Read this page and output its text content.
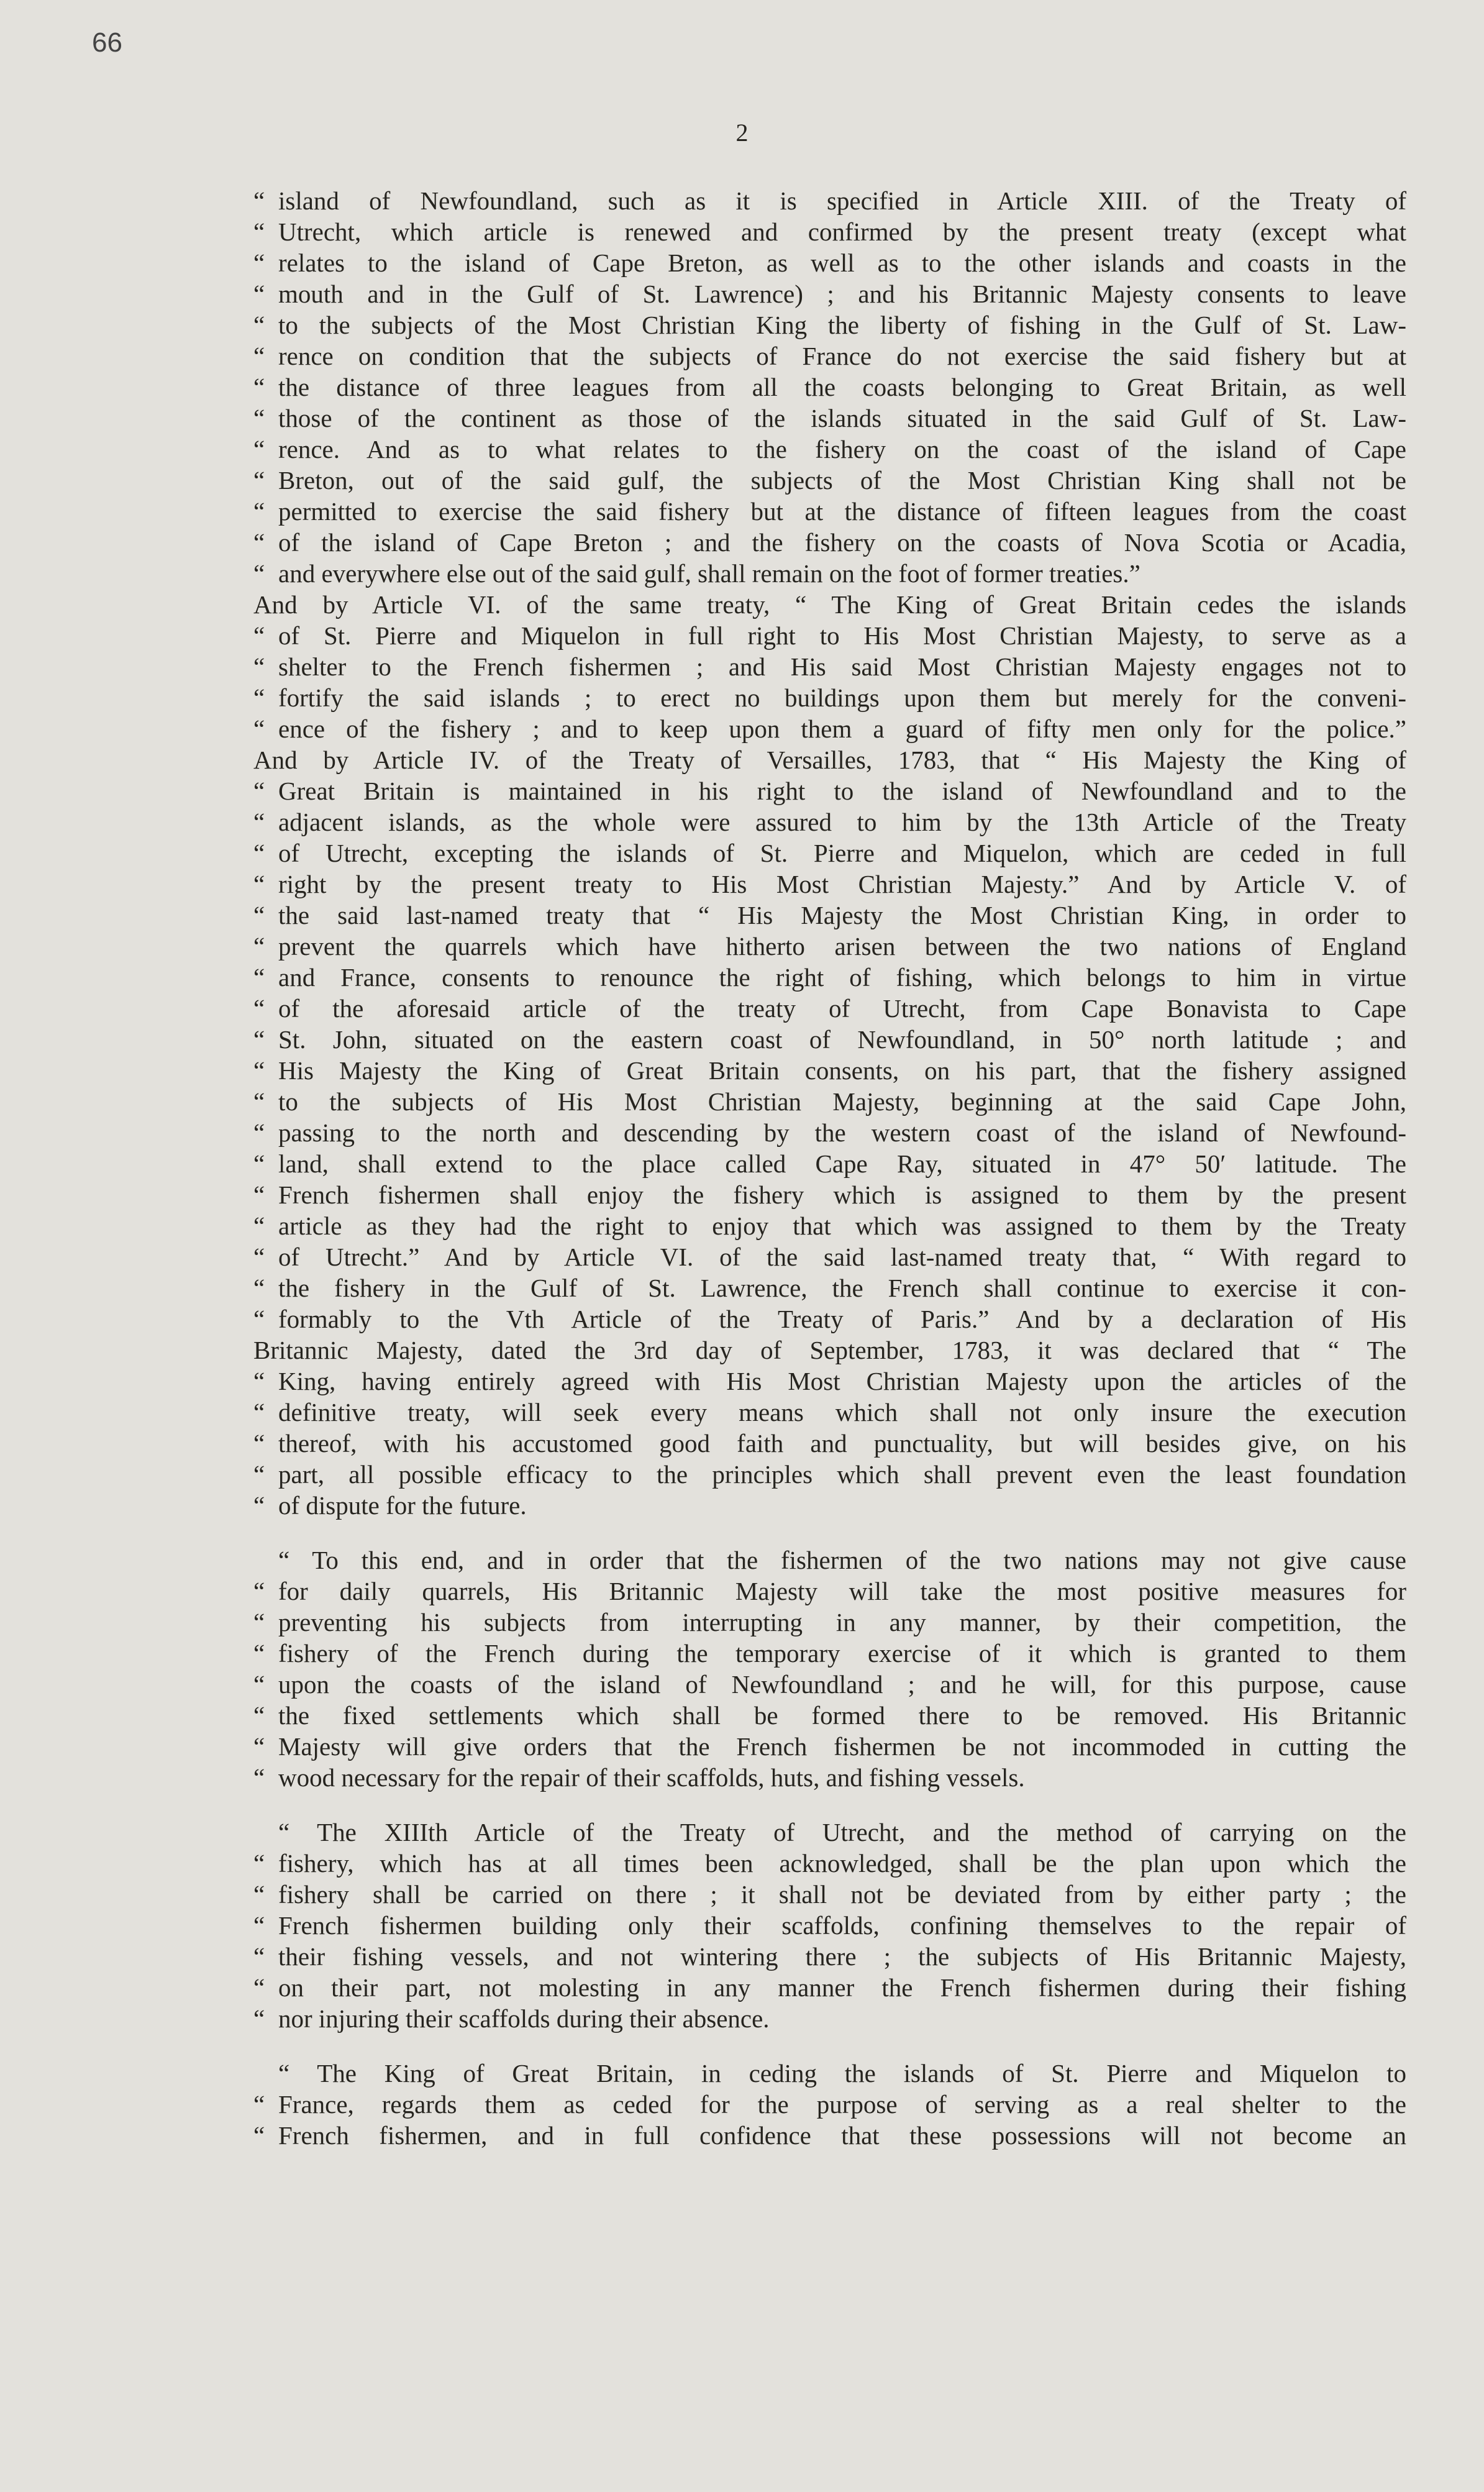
66
2
“ island of Newfoundland, such as it is specified in Article XIII. of the Treaty of
“ Utrecht, which article is renewed and confirmed by the present treaty (except what
“ relates to the island of Cape Breton, as well as to the other islands and coasts in the
“ mouth and in the Gulf of St. Lawrence) ; and his Britannic Majesty consents to leave
“ to the subjects of the Most Christian King the liberty of fishing in the Gulf of St. Law-
“ rence on condition that the subjects of France do not exercise the said fishery but at
“ the distance of three leagues from all the coasts belonging to Great Britain, as well
“ those of the continent as those of the islands situated in the said Gulf of St. Law-
“ rence. And as to what relates to the fishery on the coast of the island of Cape
“ Breton, out of the said gulf, the subjects of the Most Christian King shall not be
“ permitted to exercise the said fishery but at the distance of fifteen leagues from the coast
“ of the island of Cape Breton ; and the fishery on the coasts of Nova Scotia or Acadia,
“ and everywhere else out of the said gulf, shall remain on the foot of former treaties.”
And by Article VI. of the same treaty, “ The King of Great Britain cedes the islands
“ of St. Pierre and Miquelon in full right to His Most Christian Majesty, to serve as a
“ shelter to the French fishermen ; and His said Most Christian Majesty engages not to
“ fortify the said islands ; to erect no buildings upon them but merely for the conveni-
“ ence of the fishery ; and to keep upon them a guard of fifty men only for the police.”
And by Article IV. of the Treaty of Versailles, 1783, that “ His Majesty the King of
“ Great Britain is maintained in his right to the island of Newfoundland and to the
“ adjacent islands, as the whole were assured to him by the 13th Article of the Treaty
“ of Utrecht, excepting the islands of St. Pierre and Miquelon, which are ceded in full
“ right by the present treaty to His Most Christian Majesty.” And by Article V. of
“ the said last-named treaty that “ His Majesty the Most Christian King, in order to
“ prevent the quarrels which have hitherto arisen between the two nations of England
“ and France, consents to renounce the right of fishing, which belongs to him in virtue
“ of the aforesaid article of the treaty of Utrecht, from Cape Bonavista to Cape
“ St. John, situated on the eastern coast of Newfoundland, in 50° north latitude ; and
“ His Majesty the King of Great Britain consents, on his part, that the fishery assigned
“ to the subjects of His Most Christian Majesty, beginning at the said Cape John,
“ passing to the north and descending by the western coast of the island of Newfound-
“ land, shall extend to the place called Cape Ray, situated in 47° 50′ latitude. The
“ French fishermen shall enjoy the fishery which is assigned to them by the present
“ article as they had the right to enjoy that which was assigned to them by the Treaty
“ of Utrecht.” And by Article VI. of the said last-named treaty that, “ With regard to
“ the fishery in the Gulf of St. Lawrence, the French shall continue to exercise it con-
“ formably to the Vth Article of the Treaty of Paris.” And by a declaration of His
Britannic Majesty, dated the 3rd day of September, 1783, it was declared that “ The
“ King, having entirely agreed with His Most Christian Majesty upon the articles of the
“ definitive treaty, will seek every means which shall not only insure the execution
“ thereof, with his accustomed good faith and punctuality, but will besides give, on his
“ part, all possible efficacy to the principles which shall prevent even the least foundation
“ of dispute for the future.
“ To this end, and in order that the fishermen of the two nations may not give cause
“ for daily quarrels, His Britannic Majesty will take the most positive measures for
“ preventing his subjects from interrupting in any manner, by their competition, the
“ fishery of the French during the temporary exercise of it which is granted to them
“ upon the coasts of the island of Newfoundland ; and he will, for this purpose, cause
“ the fixed settlements which shall be formed there to be removed. His Britannic
“ Majesty will give orders that the French fishermen be not incommoded in cutting the
“ wood necessary for the repair of their scaffolds, huts, and fishing vessels.
“ The XIIIth Article of the Treaty of Utrecht, and the method of carrying on the
“ fishery, which has at all times been acknowledged, shall be the plan upon which the
“ fishery shall be carried on there ; it shall not be deviated from by either party ; the
“ French fishermen building only their scaffolds, confining themselves to the repair of
“ their fishing vessels, and not wintering there ; the subjects of His Britannic Majesty,
“ on their part, not molesting in any manner the French fishermen during their fishing
“ nor injuring their scaffolds during their absence.
“ The King of Great Britain, in ceding the islands of St. Pierre and Miquelon to
“ France, regards them as ceded for the purpose of serving as a real shelter to the
“ French fishermen, and in full confidence that these possessions will not become an
